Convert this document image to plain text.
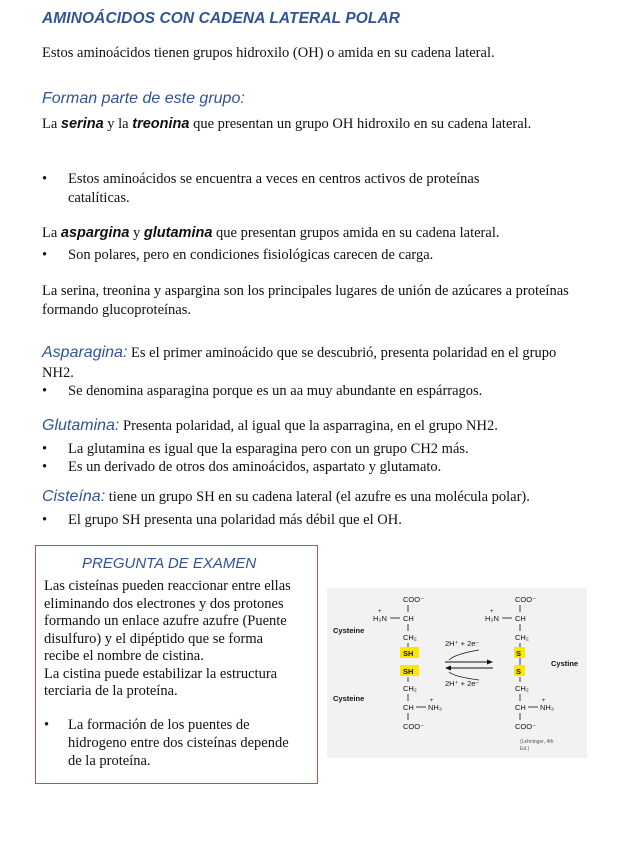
AMINOÁCIDOS CON CADENA LATERAL POLAR
Estos aminoácidos tienen grupos hidroxilo (OH) o amida en su cadena lateral.
Forman parte de este grupo:
La serina y la treonina que presentan un grupo OH hidroxilo en su cadena lateral.
• Estos aminoácidos se encuentra a veces en centros activos de proteínas catalíticas.
La aspargina y glutamina que presentan grupos amida en su cadena lateral.
• Son polares, pero en condiciones fisiológicas carecen de carga.
La serina, treonina y aspargina son los principales lugares de unión de azúcares a proteínas formando glucoproteínas.
Asparagina: Es el primer aminoácido que se descubrió, presenta polaridad en el grupo NH2.
• Se denomina asparagina porque es un aa muy abundante en espárragos.
Glutamina: Presenta polaridad, al igual que la asparragina, en el grupo NH2.
• La glutamina es igual que la esparagina pero con un grupo CH2 más.
• Es un derivado de otros dos aminoácidos, aspartato y glutamato.
Cisteína: tiene un grupo SH en su cadena lateral (el azufre es una molécula polar).
• El grupo SH presenta una polaridad más débil que el OH.
PREGUNTA DE EXAMEN
Las cisteínas pueden reaccionar entre ellas
eliminando dos electrones y dos protones
formando un enlace azufre azufre (Puente
disulfuro) y el dipéptido que se forma
recibe el nombre de cistina.
La cistina puede estabilizar la estructura
terciaria de la proteína.
• La formación de los puentes de
hidrogeno entre dos cisteínas depende
de la proteína.
Cysteine
Cysteine
COO⁻
+
H₃N CH
CH₂
SH
SH
CH₂
CH
+
NH₃
COO⁻
2H⁺ + 2e⁻
2H⁺ + 2e⁻
COO⁻
+
H₃N CH
CH₂
S
S
CH₂
CH
+
NH₃
COO⁻
Cystine
(Lehninger, 4th
Ed.)
